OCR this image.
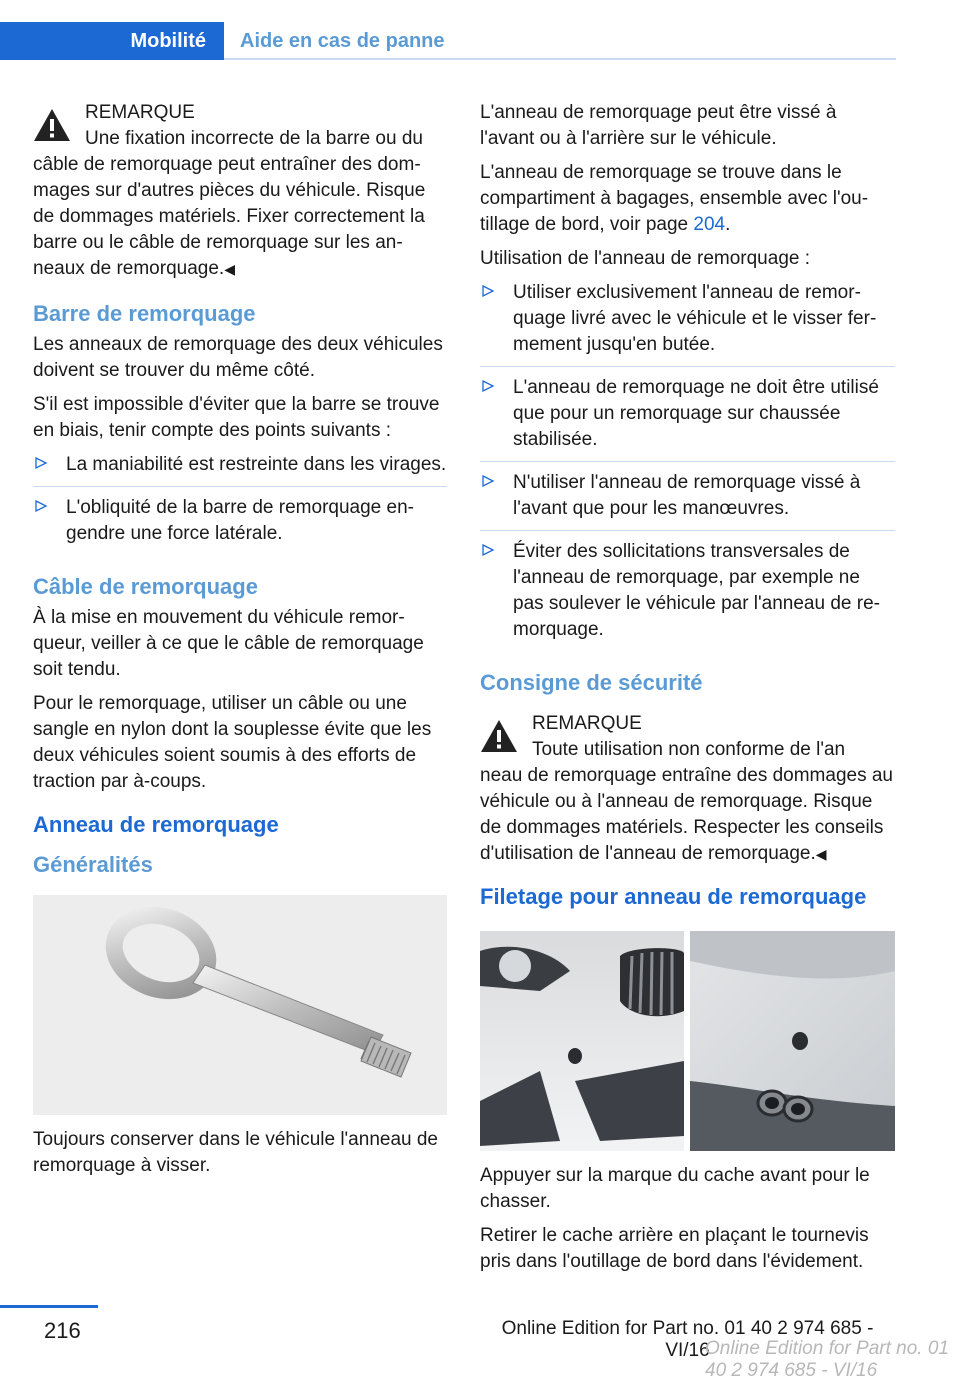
Mobilité	Aide en cas de panne
REMARQUE
Une fixation incorrecte de la barre ou du
câble de remorquage peut entraîner des dommages sur d'autres pièces du véhicule. Risque de dommages matériels. Fixer correctement la barre ou le câble de remorquage sur les anneaux de remorquage.◀
Barre de remorquage

Les anneaux de remorquage des deux véhicules doivent se trouver du même côté.

S'il est impossible d'éviter que la barre se trouve en biais, tenir compte des points suivants :

La maniabilité est restreinte dans les virages.
L'obliquité de la barre de remorquage engendre une force latérale.
Câble de remorquage

À la mise en mouvement du véhicule remorqueur, veiller à ce que le câble de remorquage soit tendu.

Pour le remorquage, utiliser un câble ou une sangle en nylon dont la souplesse évite que les deux véhicules soient soumis à des efforts de traction par à-coups.

Anneau de remorquage
Généralités

Toujours conserver dans le véhicule l'anneau de remorquage à visser.

L'anneau de remorquage peut être vissé à l'avant ou à l'arrière sur le véhicule.

L'anneau de remorquage se trouve dans le compartiment à bagages, ensemble avec l'outillage de bord, voir page 204.

Utilisation de l'anneau de remorquage :

Utiliser exclusivement l'anneau de remorquage livré avec le véhicule et le visser fermement jusqu'en butée.
L'anneau de remorquage ne doit être utilisé que pour un remorquage sur chaussée stabilisée.
N'utiliser l'anneau de remorquage vissé à l'avant que pour les manœuvres.
Éviter des sollicitations transversales de l'anneau de remorquage, par exemple ne pas soulever le véhicule par l'anneau de remorquage.
Consigne de sécurité
REMARQUE
Toute utilisation non conforme de l'an
neau de remorquage entraîne des dommages au véhicule ou à l'anneau de remorquage. Risque de dommages matériels. Respecter les conseils d'utilisation de l'anneau de remorquage.◀
Filetage pour anneau de remorquage

Appuyer sur la marque du cache avant pour le chasser.

Retirer le cache arrière en plaçant le tournevis pris dans l'outillage de bord dans l'évidement.

216	Online Edition for Part no. 01 40 2 974 685 - VI/16
Online Edition for Part no. 01 40 2 974 685 - VI/16
